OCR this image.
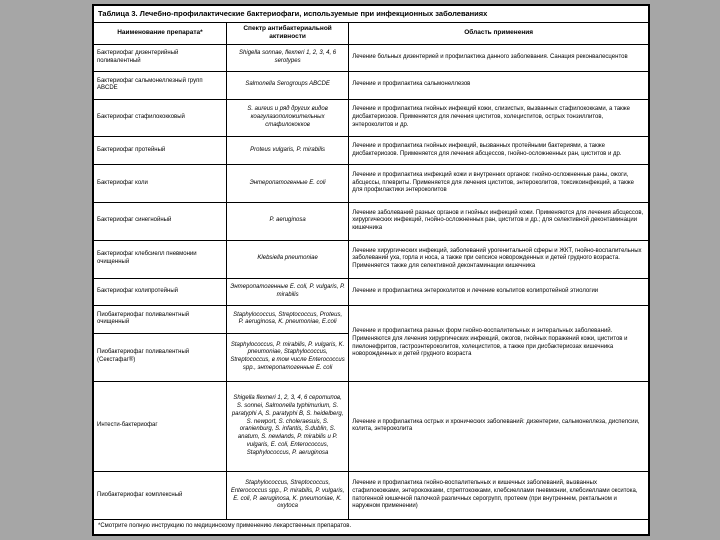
Таблица 3. Лечебно-профилактические бактериофаги, используемые при инфекционных заболеваниях		
Наименование препарата*	Спектр антибактериальной активности	Область применения
Бактериофаг дизентерийный поливалентный	Shigella sonnae, flexneri 1, 2, 3, 4, 6 serotypes	Лечение больных дизентерией и профилактика данного заболевания. Санация реконвалесцентов
Бактериофаг сальмонеллезный групп ABCDE	Salmonella Serogroups ABCDE	Лечение и профилактика сальмонеллезов
Бактериофаг стафилококковый	S. aureus и ряд других видов коагулазоположительных стафилококков	Лечение и профилактика гнойных инфекций кожи, слизистых, вызванных стафилококками, а также дисбактериозов. Применяется для лечения циститов, холециститов, острых тонзиллитов, энтероколитов и др.
Бактериофаг протейный	Proteus vulgaris, P. mirabilis	Лечение и профилактика гнойных инфекций, вызванных протейными бактериями, а также дисбактериозов. Применяется для лечения абсцессов, гнойно-осложненных ран, циститов и др.
Бактериофаг коли	Энтеропатогенные E. coli	Лечение и профилактика инфекций кожи и внутренних органов: гнойно-осложненные раны, ожоги, абсцессы, плевриты. Применяется для лечения циститов, энтероколитов, токсикоинфекций, а также для профилактики энтероколитов
Бактериофаг синегнойный	P. aeruginosa	Лечение заболеваний разных органов и гнойных инфекций кожи. Применяются для лечения абсцессов, хирургических инфекций, гнойно-осложненных ран, циститов и др.; для селективной деконтаминации кишечника
Бактериофаг клебсиелл пневмонии очищенный	Klebsiella pneumoniae	Лечение хирургических инфекций, заболеваний урогенитальной сферы и ЖКТ, гнойно-воспалительных заболеваний уха, горла и носа, а также при сепсисе новорожденных и детей грудного возраста. Применяется также для селективной деконтаминации кишечника
Бактериофаг колипротейный	Энтеропатогенные E. coli, P. vulgaris, P. mirabilis	Лечение и профилактика энтероколитов и лечение кольпитов колипротейной этиологии
Пиобактериофаг поливалентный очищенный	Staphylococcus, Streptococcus, Proteus, P. aeruginosa, K. pneumoniae, E.coli	Лечение и профилактика разных форм гнойно-воспалительных и энтеральных заболеваний. Применяются для лечения хирургических инфекций, ожогов, гнойных поражений кожи, циститов и пиелонефритов, гастроэнтероколитов, холециститов, а также при дисбактериозах кишечника новорожденных и детей грудного возраста
Пиобактериофаг поливалентный (Секстафаг®)	Staphylococcus, P. mirabilis, P. vulgaris, K. pneumoniae, Staphylococcus, Streptococcus, в том числе Enterococcus spp., энтеропатогенные E. coli	
Интести-бактериофаг	Shigella flexneri 1, 2, 3, 4, 6 серотипов, S. sonnei, Salmonella typhimurium, S. paratyphi A, S. paratyphi B, S. heidelberg, S. newport, S. choleraesuis, S. oranienburg, S. infantis, S.dublin, S. anatum, S. newlands, P. mirabilis и P. vulgaris, E. coli, Enterococcus, Staphylococcus, P. aeruginosa	Лечение и профилактика острых и хронических заболеваний: дизентерии, сальмонеллеза, диспепсии, колита, энтероколита
Пиобактериофаг комплексный	Staphylococcus, Streptococcus, Enterococcus spp., P. mirabilis, P. vulgaris, E. coli, P. aeruginosa, K. pneumoniae, K. oxytoca	Лечение и профилактика гнойно-воспалительных и кишечных заболеваний, вызванных стафилококками, энтерококками, стрептококками, клебсиеллами пневмонии, клебсиеллами окситока, патогенной кишечной палочкой различных серогрупп, протеем (при внутреннем, ректальном и наружном применении)
*Смотрите полную инструкцию по медицинскому применению лекарственных препаратов.		
